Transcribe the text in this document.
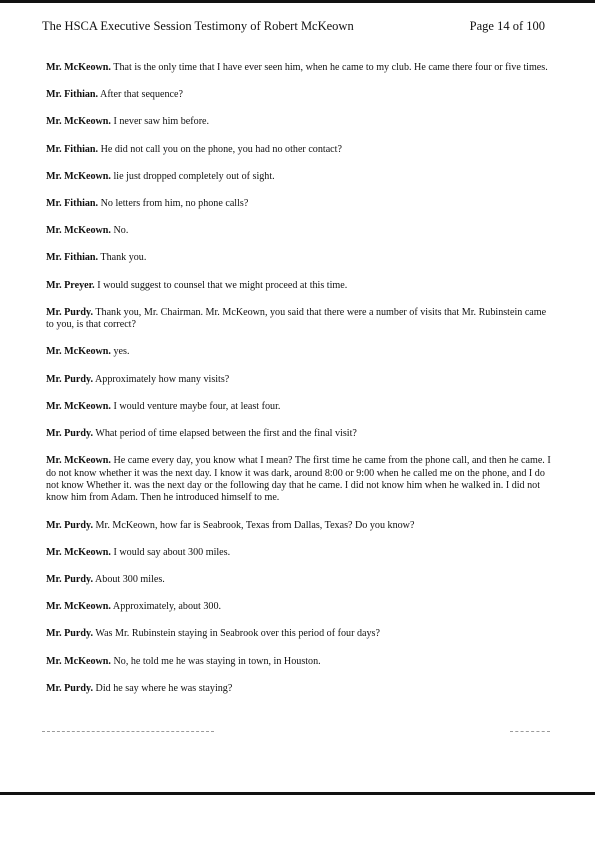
The HSCA Executive Session Testimony of Robert McKeown	Page 14 of 100

Mr. McKeown. That is the only time that I have ever seen him, when he came to my club. He came there four or five times.

Mr. Fithian. After that sequence?

Mr. McKeown. I never saw him before.

Mr. Fithian. He did not call you on the phone, you had no other contact?

Mr. McKeown. lie just dropped completely out of sight.

Mr. Fithian. No letters from him, no phone calls?

Mr. McKeown. No.

Mr. Fithian. Thank you.

Mr. Preyer. I would suggest to counsel that we might proceed at this time.

Mr. Purdy. Thank you, Mr. Chairman. Mr. McKeown, you said that there were a number of visits that Mr. Rubinstein came to you, is that correct?

Mr. McKeown. yes.

Mr. Purdy. Approximately how many visits?

Mr. McKeown. I would venture maybe four, at least four.

Mr. Purdy. What period of time elapsed between the first and the final visit?

Mr. McKeown. He came every day, you know what I mean? The first time he came from the phone call, and then he came. I do not know whether it was the next day. I know it was dark, around 8:00 or 9:00 when he called me on the phone, and I do not know Whether it. was the next day or the following day that he came. I did not know him when he walked in. I did not know him from Adam. Then he introduced himself to me.

Mr. Purdy. Mr. McKeown, how far is Seabrook, Texas from Dallas, Texas? Do you know?

Mr. McKeown. I would say about 300 miles.

Mr. Purdy. About 300 miles.

Mr. McKeown. Approximately, about 300.

Mr. Purdy. Was Mr. Rubinstein staying in Seabrook over this period of four days?

Mr. McKeown. No, he told me he was staying in town, in Houston.

Mr. Purdy. Did he say where he was staying?
